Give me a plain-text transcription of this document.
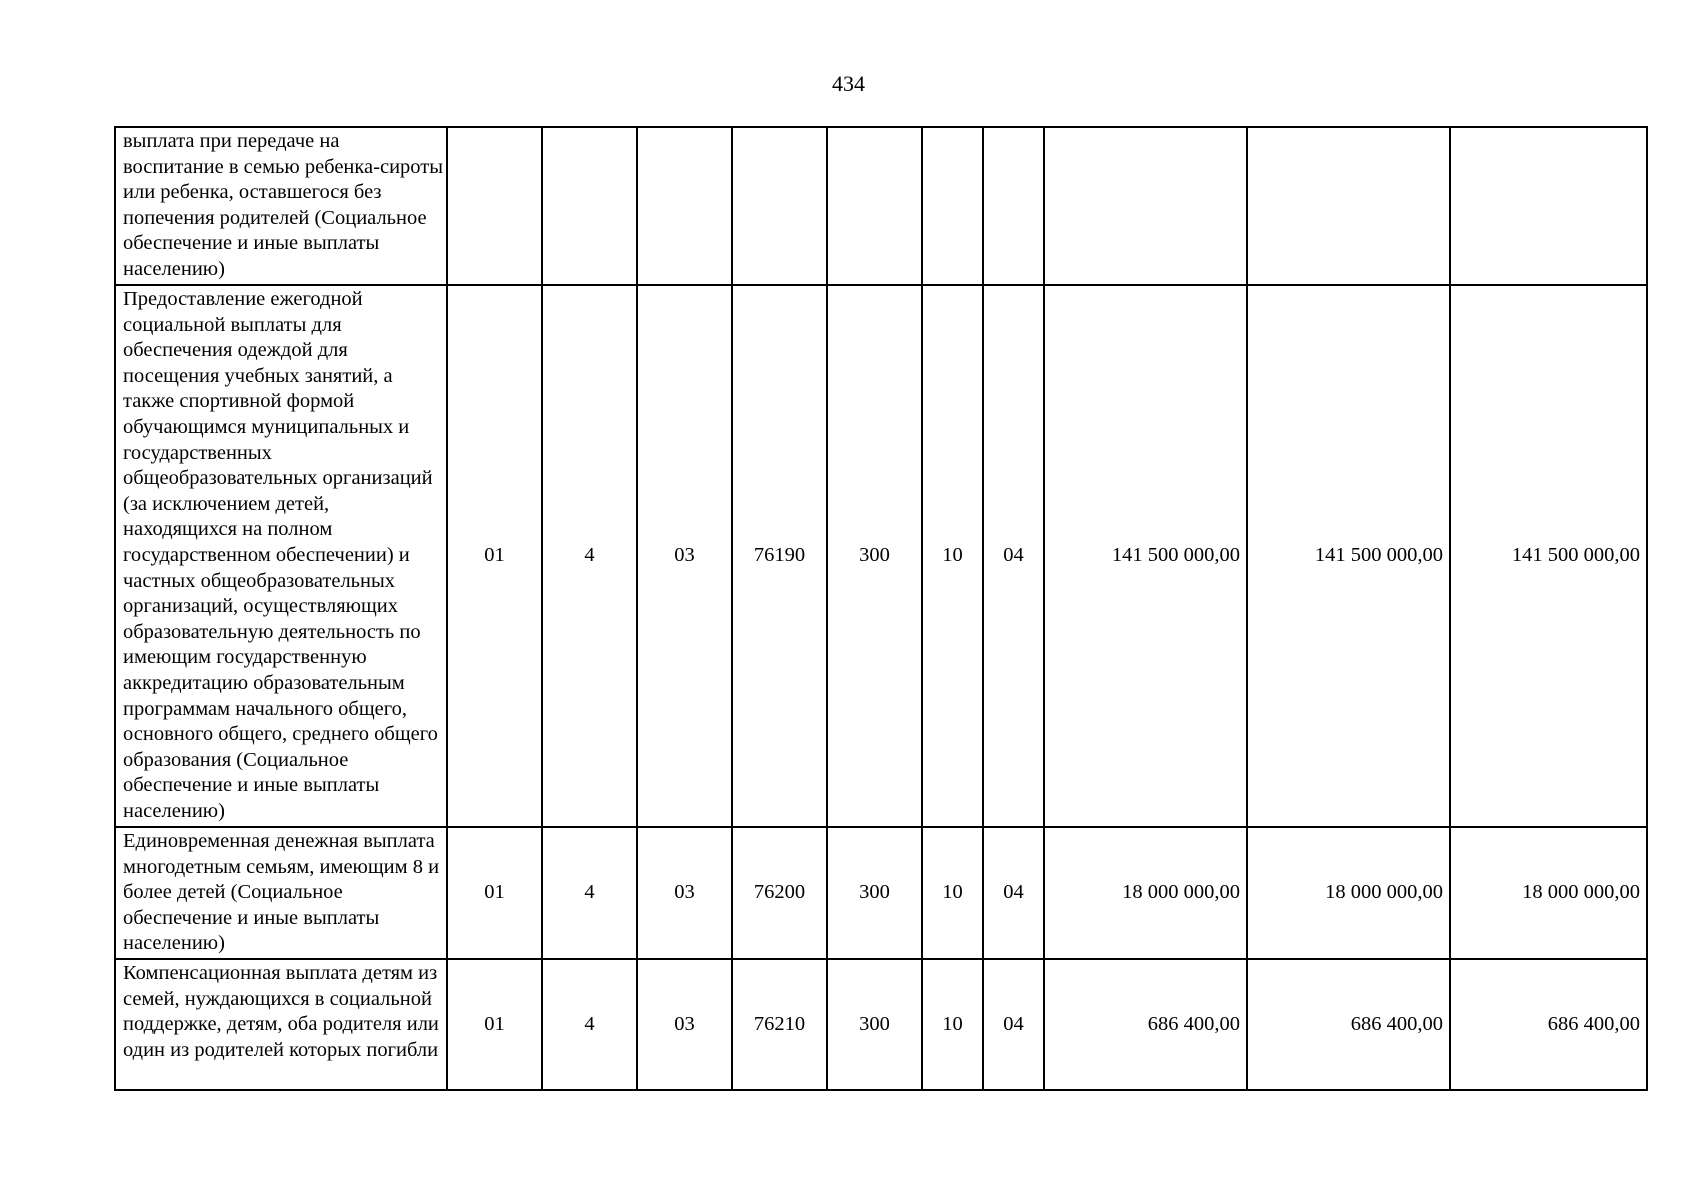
434
выплата при передаче на воспитание в семью ребенка-сироты или ребенка, оставшегося без попечения родителей (Социальное обеспечение и иные выплаты населению)										
Предоставление ежегодной социальной выплаты для обеспечения одеждой для посещения учебных занятий, а также спортивной формой обучающимся муниципальных и государственных общеобразовательных организаций (за исключением детей, находящихся на полном государственном обеспечении) и частных общеобразовательных организаций, осуществляющих образовательную деятельность по имеющим государственную аккредитацию образовательным программам начального общего, основного общего, среднего общего образования (Социальное обеспечение и иные выплаты населению)	01	4	03	76190	300	10	04	141 500 000,00	141 500 000,00	141 500 000,00
Единовременная денежная выплата многодетным семьям, имеющим 8 и более детей (Социальное обеспечение и иные выплаты населению)	01	4	03	76200	300	10	04	18 000 000,00	18 000 000,00	18 000 000,00
Компенсационная выплата детям из семей, нуждающихся в социальной поддержке, детям, оба родителя или один из родителей которых погибли	01	4	03	76210	300	10	04	686 400,00	686 400,00	686 400,00
